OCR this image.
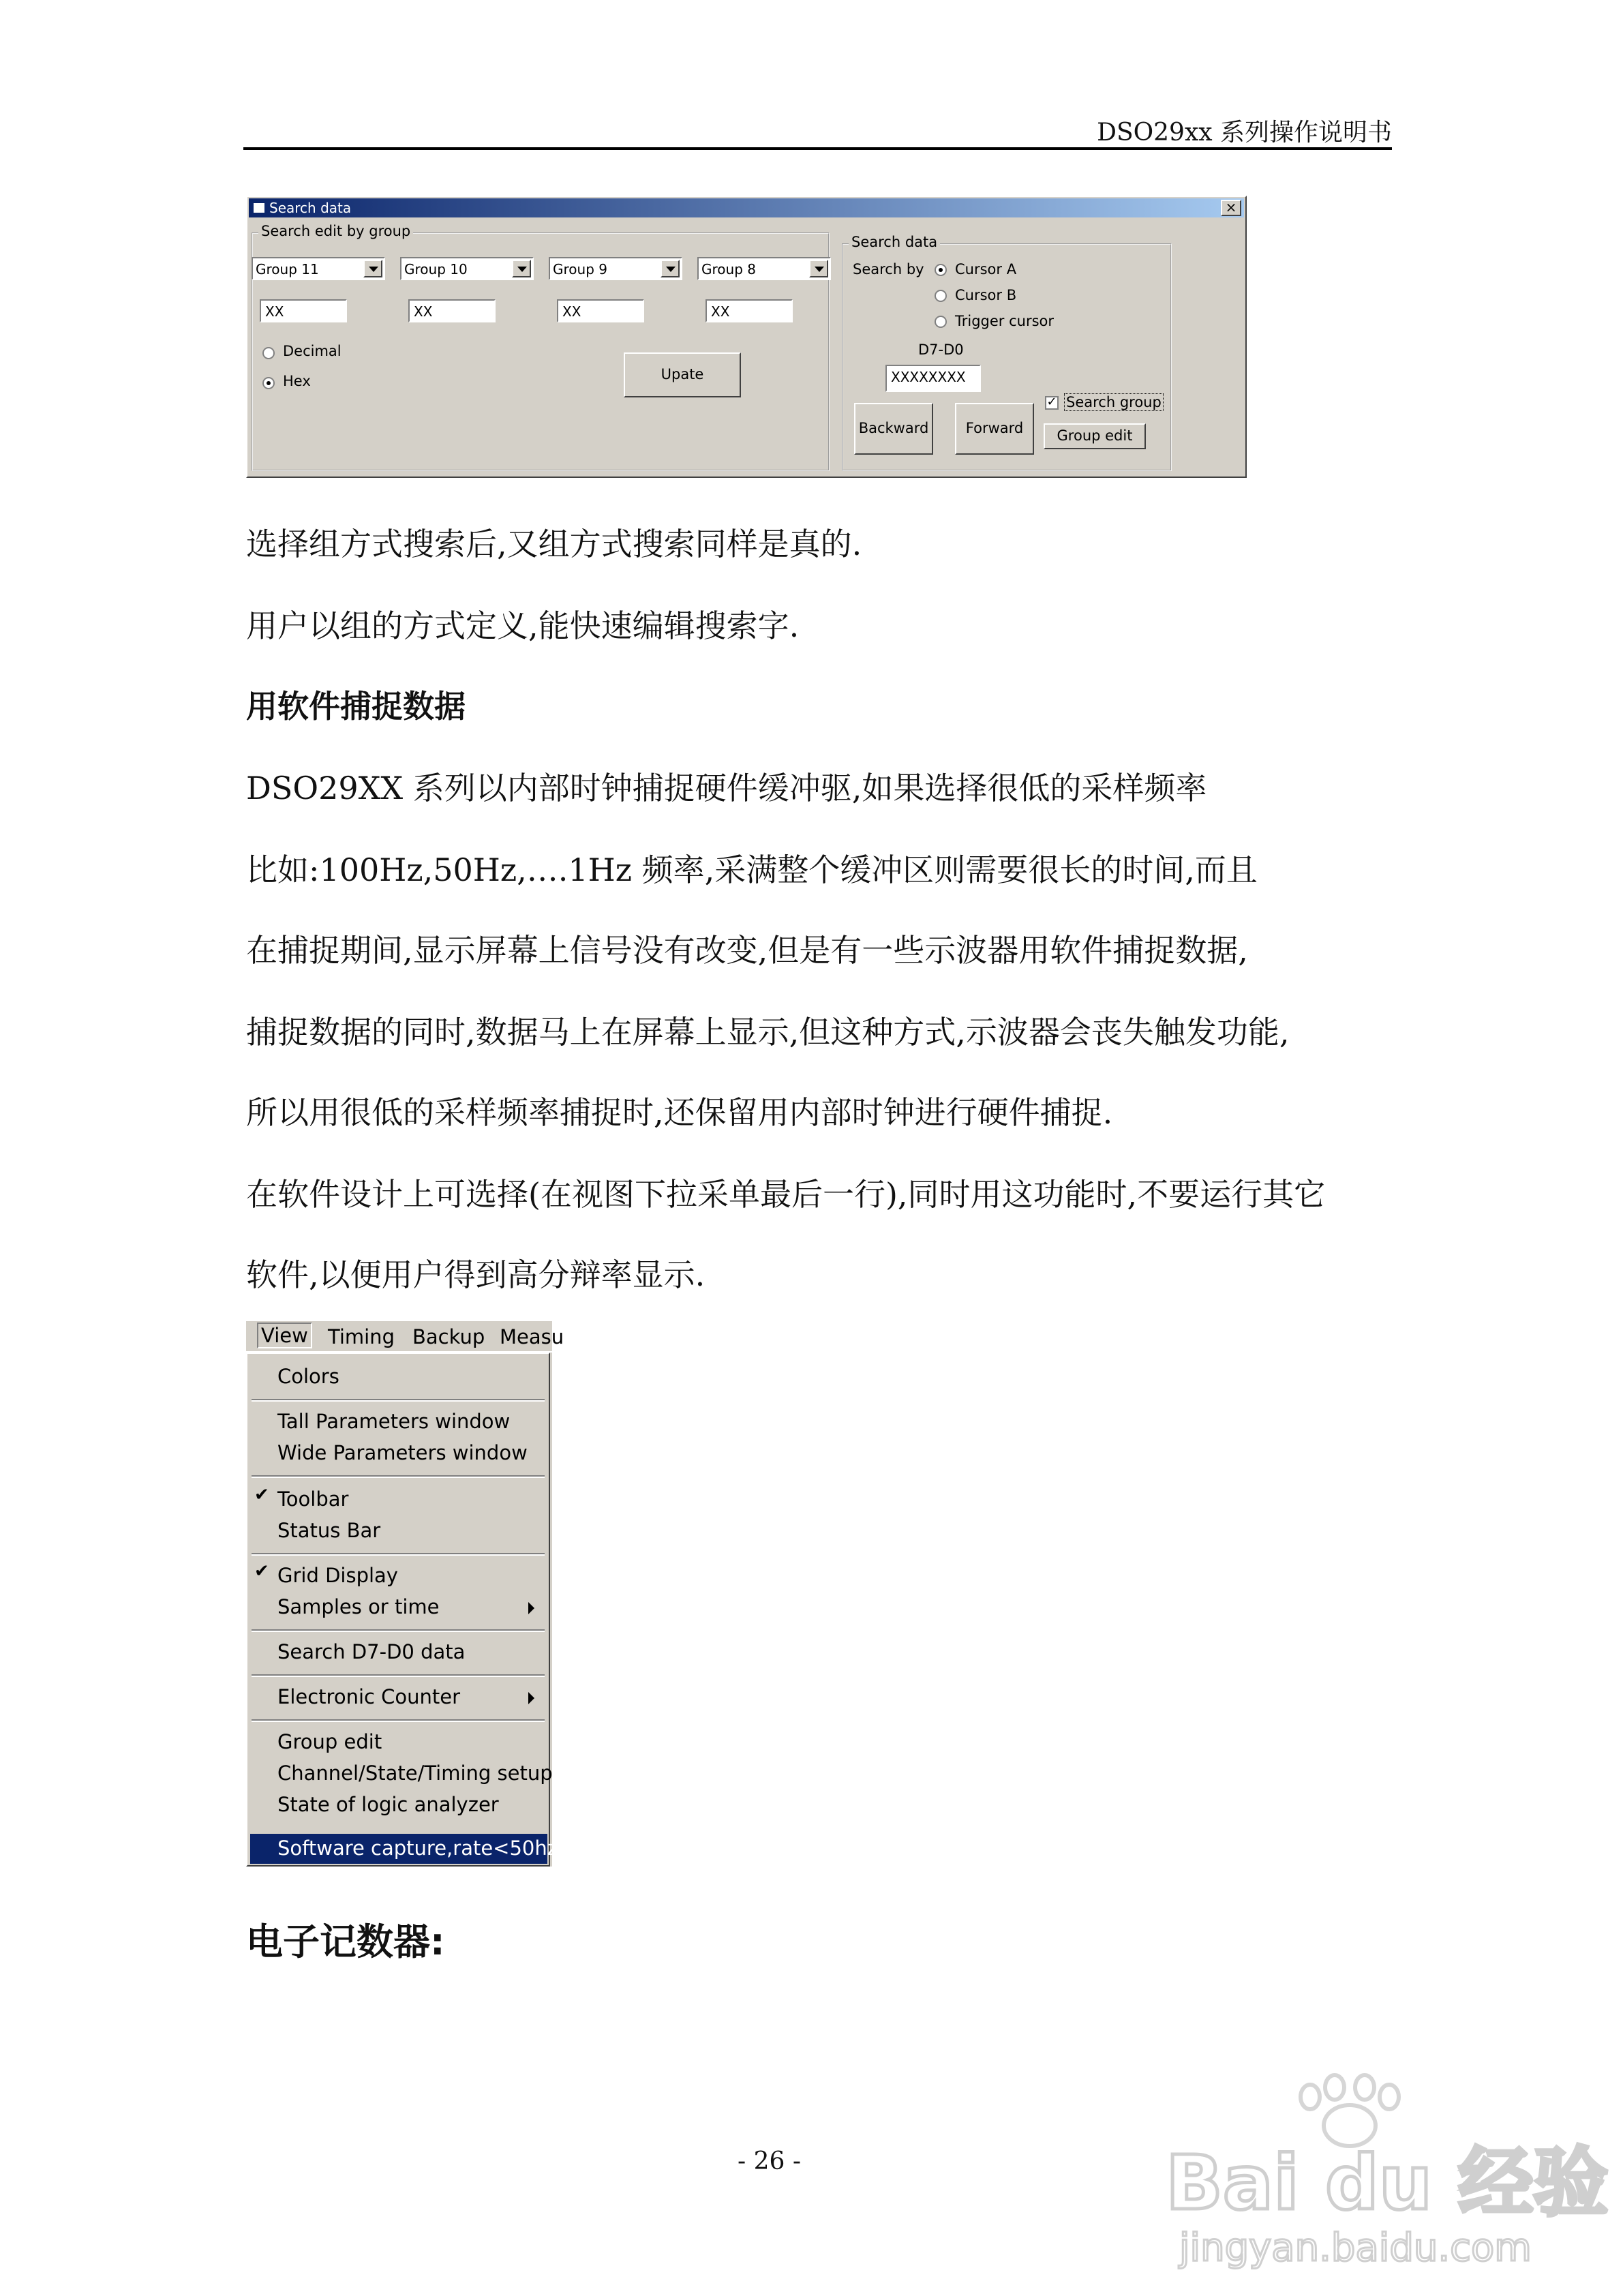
DSO29xx 系列操作说明书
Search data	×
Search edit by group
Group 11	Group 10	Group 9	Group 8
XX	XX	XX	XX
Decimal
Hex	Upate
Search data
Search by Cursor A
Cursor B
Trigger cursor
D7-D0
XXXXXXXX
✓ Search group
Backward	Forward	Group edit
选择组方式搜索后,又组方式搜索同样是真的.
用户以组的方式定义,能快速编辑搜索字.
用软件捕捉数据
DSO29XX 系列以内部时钟捕捉硬件缓冲驱,如果选择很低的采样频率
比如:100Hz,50Hz,….1Hz 频率,采满整个缓冲区则需要很长的时间,而且
在捕捉期间,显示屏幕上信号没有改变,但是有一些示波器用软件捕捉数据,
捕捉数据的同时,数据马上在屏幕上显示,但这种方式,示波器会丧失触发功能,
所以用很低的采样频率捕捉时,还保留用内部时钟进行硬件捕捉.
在软件设计上可选择(在视图下拉采单最后一行),同时用这功能时,不要运行其它
软件,以便用户得到高分辩率显示.
View Timing Backup Measu
Colors
Tall Parameters window
Wide Parameters window
✔ Toolbar
Status Bar
✔ Grid Display
Samples or time
Search D7-D0 data
Electronic Counter
Group edit
Channel/State/Timing setup
State of logic analyzer
Software capture,rate<50hz
电子记数器:
- 26 -	Bai du 经验
jingyan.baidu.com
